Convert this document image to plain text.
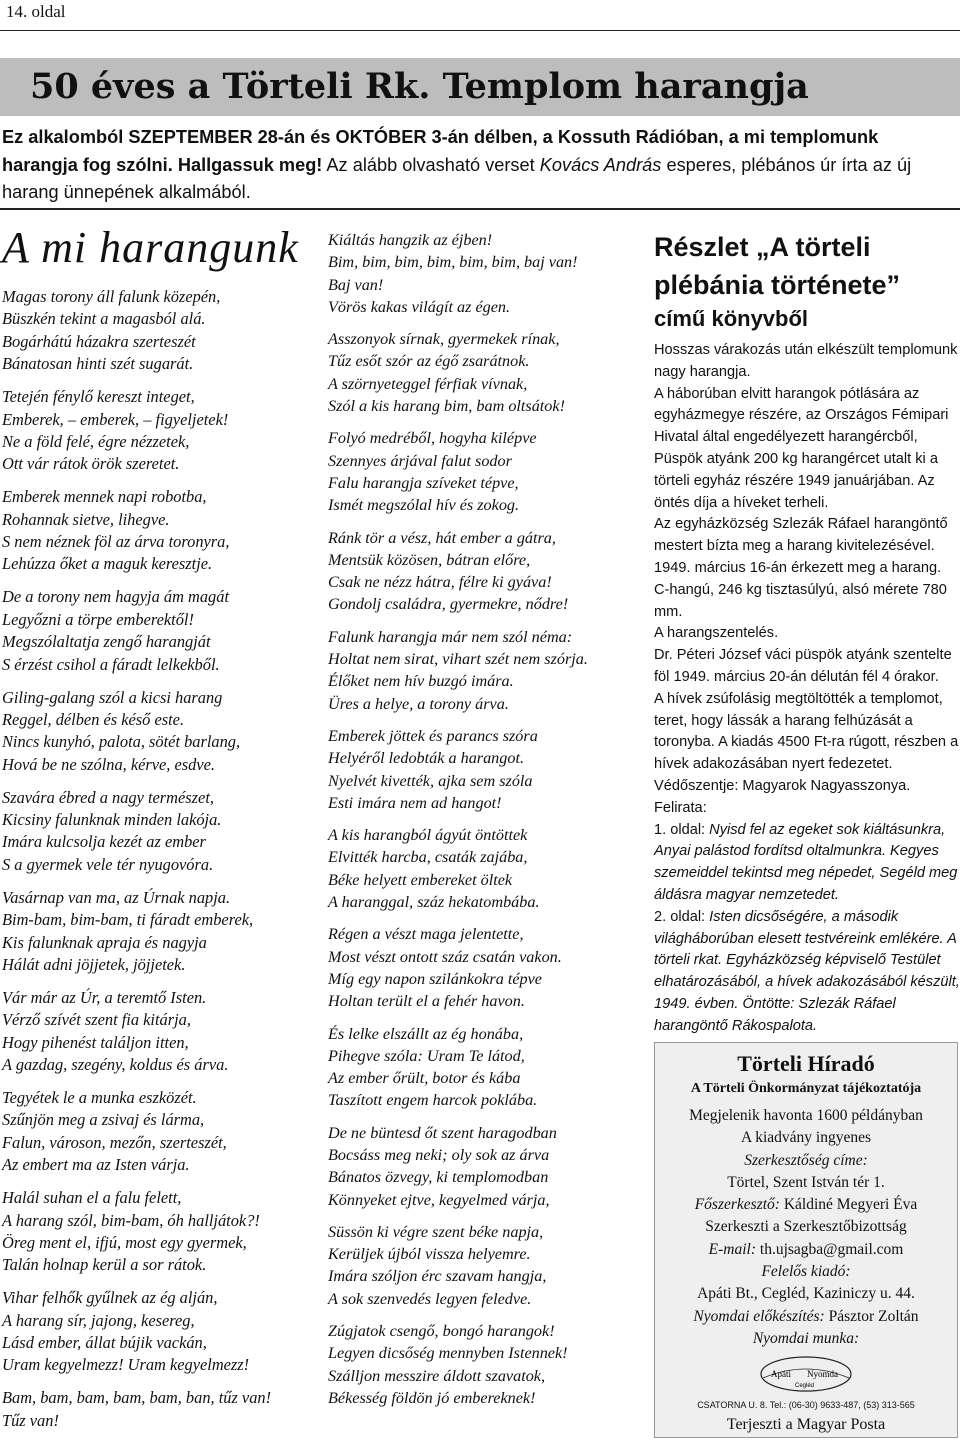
14. oldal
50 éves a Törteli Rk. Templom harangja
Ez alkalomból SZEPTEMBER 28-án és OKTÓBER 3-án délben, a Kossuth Rádióban, a mi templomunk harangja fog szólni. Hallgassuk meg! Az alább olvasható verset Kovács András esperes, plébános úr írta az új harang ünnepének alkalmából.
A mi harangunk
Magas torony áll falunk közepén,
Büszkén tekint a magasból alá.
Bogárhátú házakra szerteszét
Bánatosan hinti szét sugarát.
Tetején fénylő kereszt integet,
Emberek, – emberek, – figyeljetek!
Ne a föld felé, égre nézzetek,
Ott vár rátok örök szeretet.
Emberek mennek napi robotba,
Rohannak sietve, lihegve.
S nem néznek föl az árva toronyra,
Lehúzza őket a maguk keresztje.
De a torony nem hagyja ám magát
Legyőzni a törpe emberektől!
Megszólaltatja zengő harangját
S érzést csihol a fáradt lelkekből.
Giling-galang szól a kicsi harang
Reggel, délben és késő este.
Nincs kunyhó, palota, sötét barlang,
Hová be ne szólna, kérve, esdve.
Szavára ébred a nagy természet,
Kicsiny falunknak minden lakója.
Imára kulcsolja kezét az ember
S a gyermek vele tér nyugovóra.
Vasárnap van ma, az Úrnak napja.
Bim-bam, bim-bam, ti fáradt emberek,
Kis falunknak apraja és nagyja
Hálát adni jöjjetek, jöjjetek.
Vár már az Úr, a teremtő Isten.
Vérző szívét szent fia kitárja,
Hogy pihenést találjon itten,
A gazdag, szegény, koldus és árva.
Tegyétek le a munka eszközét.
Szűnjön meg a zsivaj és lárma,
Falun, városon, mezőn, szerteszét,
Az embert ma az Isten várja.
Halál suhan el a falu felett,
A harang szól, bim-bam, óh halljátok?!
Öreg ment el, ifjú, most egy gyermek,
Talán holnap kerül a sor rátok.
Vihar felhők gyűlnek az ég alján,
A harang sír, jajong, kesereg,
Lásd ember, állat bújik vackán,
Uram kegyelmezz! Uram kegyelmezz!
Bam, bam, bam, bam, bam, ban, tűz van!
Tűz van!
Kiáltás hangzik az éjben!
Bim, bim, bim, bim, bim, bim, baj van!
Baj van!
Vörös kakas világít az égen.
Asszonyok sírnak, gyermekek rínak,
Tűz esőt szór az égő zsarátnok.
A szörnyeteggel férfiak vívnak,
Szól a kis harang bim, bam oltsátok!
Folyó medréből, hogyha kilépve
Szennyes árjával falut sodor
Falu harangja szíveket tépve,
Ismét megszólal hív és zokog.
Ránk tör a vész, hát ember a gátra,
Mentsük közösen, bátran előre,
Csak ne nézz hátra, félre ki gyáva!
Gondolj családra, gyermekre, nődre!
Falunk harangja már nem szól néma:
Holtat nem sirat, vihart szét nem szórja.
Élőket nem hív buzgó imára.
Üres a helye, a torony árva.
Emberek jöttek és parancs szóra
Helyéről ledobták a harangot.
Nyelvét kivették, ajka sem szóla
Esti imára nem ad hangot!
A kis harangból ágyút öntöttek
Elvitték harcba, csaták zajába,
Béke helyett embereket öltek
A haranggal, száz hekatombába.
Régen a vészt maga jelentette,
Most vészt ontott száz csatán vakon.
Míg egy napon szilánkokra tépve
Holtan terült el a fehér havon.
És lelke elszállt az ég honába,
Pihegve szóla: Uram Te látod,
Az ember őrült, botor és kába
Taszított engem harcok poklába.
De ne büntesd őt szent haragodban
Bocsáss meg neki; oly sok az árva
Bánatos özvegy, ki templomodban
Könnyeket ejtve, kegyelmed várja,
Süssön ki végre szent béke napja,
Kerüljek újból vissza helyemre.
Imára szóljon érc szavam hangja,
A sok szenvedés legyen feledve.
Zúgjatok csengő, bongó harangok!
Legyen dicsőség mennyben Istennek!
Szálljon messzire áldott szavatok,
Békesség földön jó embereknek!
Részlet „A törteli plébánia története”
című könyvből

Hosszas várakozás után elkészült templomunk nagy harangja.

A háborúban elvitt harangok pótlására az egyházmegye részére, az Országos Fémipari Hivatal által engedélyezett harangércből, Püspök atyánk 200 kg harangércet utalt ki a törteli egyház részére 1949 januárjában. Az öntés díja a híveket terheli.

Az egyházközség Szlezák Ráfael harangöntő mestert bízta meg a harang kivitelezésével.

1949. március 16-án érkezett meg a harang.

C-hangú, 246 kg tisztasúlyú, alsó mérete 780 mm.

A harangszentelés.

Dr. Péteri József váci püspök atyánk szentelte föl 1949. március 20-án délután fél 4 órakor.

A hívek zsúfolásig megtöltötték a templomot, teret, hogy lássák a harang felhúzását a toronyba. A kiadás 4500 Ft-ra rúgott, részben a hívek adakozásában nyert fedezetet.

Védőszentje: Magyarok Nagyasszonya.

Felirata:

1. oldal: Nyisd fel az egeket sok kiáltásunkra, Anyai palástod fordítsd oltalmunkra. Kegyes szemeiddel tekintsd meg népedet, Segéld meg áldásra magyar nemzetedet.

2. oldal: Isten dicsőségére, a második világháborúban elesett testvéreink emlékére. A törteli rkat. Egyházközség képviselő Testület elhatározásából, a hívek adakozásából készült, 1949. évben. Öntötte: Szlezák Ráfael harangöntő Rákospalota.

Törteli Híradó
A Törteli Önkormányzat tájékoztatója
Megjelenik havonta 1600 példányban
A kiadvány ingyenes
Szerkesztőség címe:
Törtel, Szent István tér 1.
Főszerkesztő: Káldiné Megyeri Éva
Szerkeszti a Szerkesztőbizottság
E-mail: th.ujsagba@gmail.com
Felelős kiadó:
Apáti Bt., Cegléd, Kaziniczy u. 44.
Nyomdai előkészítés: Pásztor Zoltán
Nyomdai munka:
Apáti Nyomda
Cegléd
CSATORNA U. 8. Tel.: (06-30) 9633-487, (53) 313-565
Terjeszti a Magyar Posta
